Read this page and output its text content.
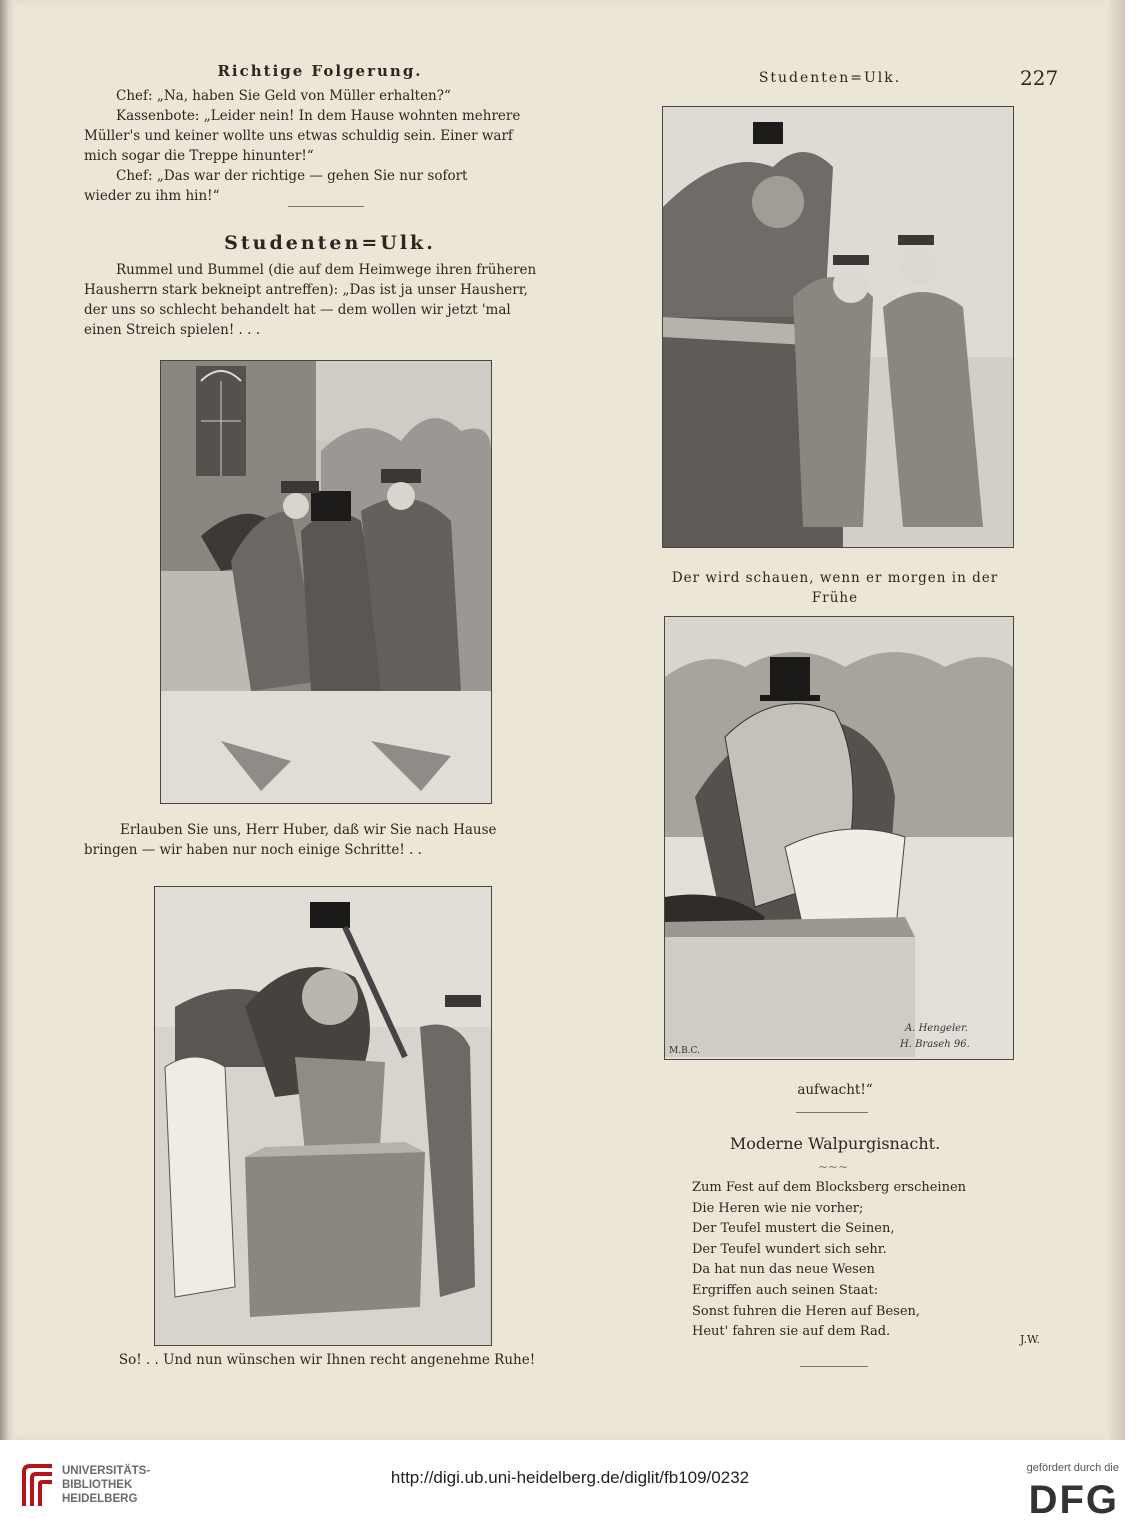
Studenten=Ulk.	227
Richtige Folgerung.
Chef: „Na, haben Sie Geld von Müller erhalten?“
Kassenbote: „Leider nein! In dem Hause wohnten mehrere
Müller's und keiner wollte uns etwas schuldig sein. Einer warf
mich sogar die Treppe hinunter!“
Chef: „Das war der richtige — gehen Sie nur sofort
wieder zu ihm hin!“
Studenten=Ulk.
Rummel und Bummel (die auf dem Heimwege ihren früheren
Hausherrn stark bekneipt antreffen): „Das ist ja unser Hausherr,
der uns so schlecht behandelt hat — dem wollen wir jetzt 'mal
einen Streich spielen! . . .
Erlauben Sie uns, Herr Huber, daß wir Sie nach Hause
bringen — wir haben nur noch einige Schritte! . .
So! . . Und nun wünschen wir Ihnen recht angenehme Ruhe!
Der wird schauen, wenn er morgen in der Frühe
A. Hengeler.
H. Braseh 96.
M.B.C.
aufwacht!“
Moderne Walpurgisnacht.
~~~
Zum Fest auf dem Blocksberg erscheinen
Die Heren wie nie vorher;
Der Teufel mustert die Seinen,
Der Teufel wundert sich sehr.
Da hat nun das neue Wesen
Ergriffen auch seinen Staat:
Sonst fuhren die Heren auf Besen,
Heut' fahren sie auf dem Rad.
J.W.
UNIVERSITÄTS-
BIBLIOTHEK
HEIDELBERG
http://digi.ub.uni-heidelberg.de/diglit/fb109/0232	gefördert durch die
DFG
